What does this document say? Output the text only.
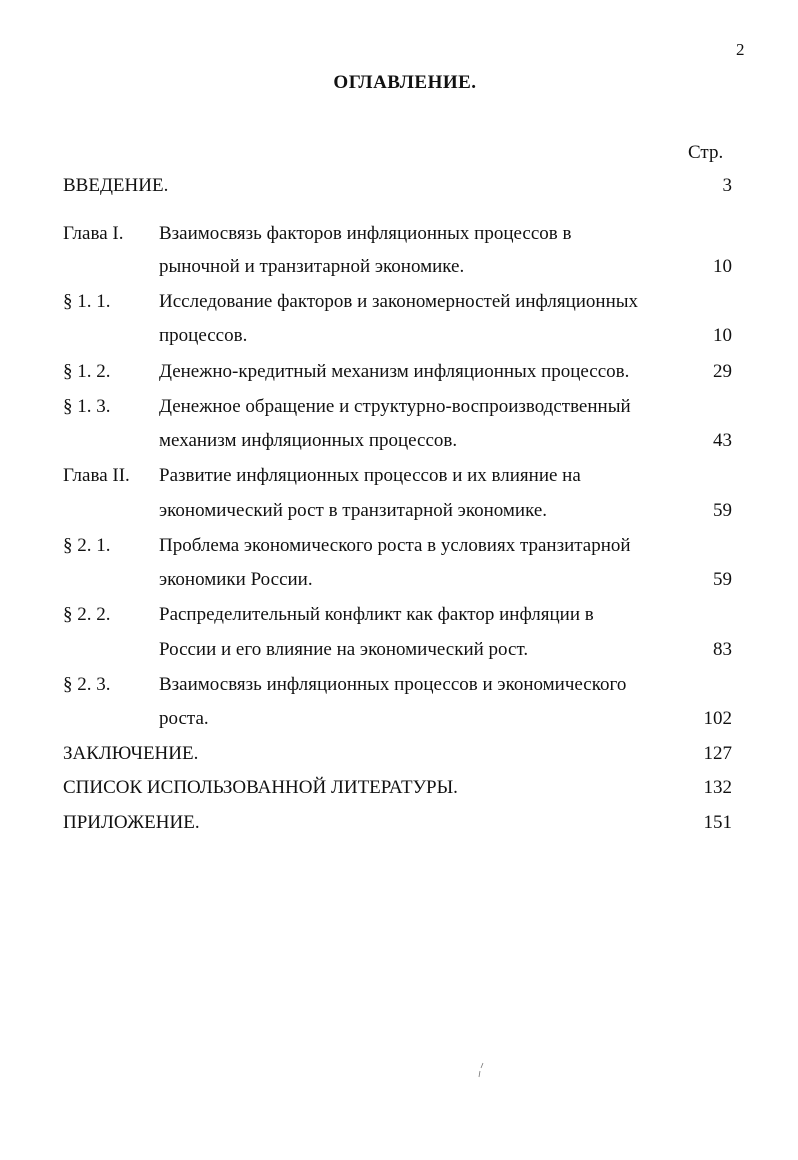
2
ОГЛАВЛЕНИЕ.
Стр.
ВВЕДЕНИЕ.	3
Глава I. Взаимосвязь факторов инфляционных процессов в
рыночной и транзитарной экономике.	10
§ 1. 1.	Исследование факторов и закономерностей инфляционных
процессов.	10
§ 1. 2.	Денежно-кредитный механизм инфляционных процессов.	29
§ 1. 3.	Денежное обращение и структурно-воспроизводственный
механизм инфляционных процессов.	43
Глава II. Развитие инфляционных процессов и их влияние на
экономический рост в транзитарной экономике.	59
§ 2. 1.	Проблема экономического роста в условиях транзитарной
экономики России.	59
§ 2. 2.	Распределительный конфликт как фактор инфляции в
России и его влияние на экономический рост.	83
§ 2. 3.	Взаимосвязь инфляционных процессов и экономического
роста.	102
ЗАКЛЮЧЕНИЕ.	127
СПИСОК ИСПОЛЬЗОВАННОЙ ЛИТЕРАТУРЫ.	132
ПРИЛОЖЕНИЕ.	151
